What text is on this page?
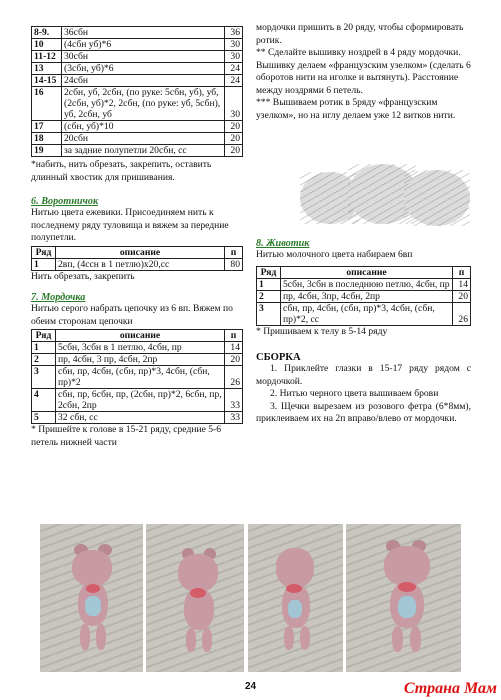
8-9.	36сбн	36
10	(4сбн уб)*6	30
11-12	30сбн	30
13	(3сбн, уб)*6	24
14-15	24сбн	24
16	2сбн, уб, 2сбн, (по руке: 5сбн, уб), уб, (2сбн, уб)*2, 2сбн, (по руке: уб, 5сбн), уб, 2сбн, уб	30
17	(сбн, уб)*10	20
18	20сбн	20
19	за задние полупетли 20сбн, сс	20
*набить, нить обрезать, закрепить, оставить длинный хвостик для пришивания.
6. Воротничок
Нитью цвета ежевики. Присоединяем нить к последнему ряду туловища и вяжем за передние полупетли.
Ряд	описание	п
1	2вп, (4ссн в 1 петлю)х20,сс	80
Нить обрезать, закрепить
7. Мордочка
Нитью серого набрать цепочку из 6 вп. Вяжем по обеим сторонам цепочки
Ряд	описание	п
1	5сбн, 3сбн в 1 петлю, 4сбн, пр	14
2	пр, 4сбн, 3 пр, 4сбн, 2пр	20
3	сбн, пр, 4сбн, (сбн, пр)*3, 4сбн, (сбн, пр)*2	26
4	сбн, пр, 6сбн, пр, (2сбн, пр)*2, 6сбн, пр, 2сбн, 2пр	33
5	32 сбн, сс	33
* Пришейте к голове в 15-21 ряду, средние 5-6 петель нижней части
мордочки пришить в 20 ряду, чтобы сформировать ротик.
** Сделайте вышивку ноздрей в 4 ряду мордочки. Вышивку делаем «французским узелком» (сделать 6 оборотов нити на иголке и вытянуть). Расстояние между ноздрями 6 петель.
*** Вышиваем ротик в 5ряду «французским узелком», но на иглу делаем уже 12 витков нити.
8. Животик
Нитью молочного цвета набираем 6вп
Ряд	описание	п
1	5сбн, 3сбн в последнюю петлю, 4сбн, пр	14
2	пр, 4сбн, 3пр, 4сбн, 2пр	20
3	сбн, пр, 4сбн, (сбн, пр)*3, 4сбн, (сбн, пр)*2, сс	26
* Пришиваем к телу в 5-14 ряду
СБОРКА
1. Приклейте глазки в 15-17 ряду рядом с мордочкой.
2. Нитью черного цвета вышиваем брови
3. Щечки вырезаем из розового фетра (6*8мм), приклеиваем их на 2п вправо/влево от мордочки.
24	Страна Мам
